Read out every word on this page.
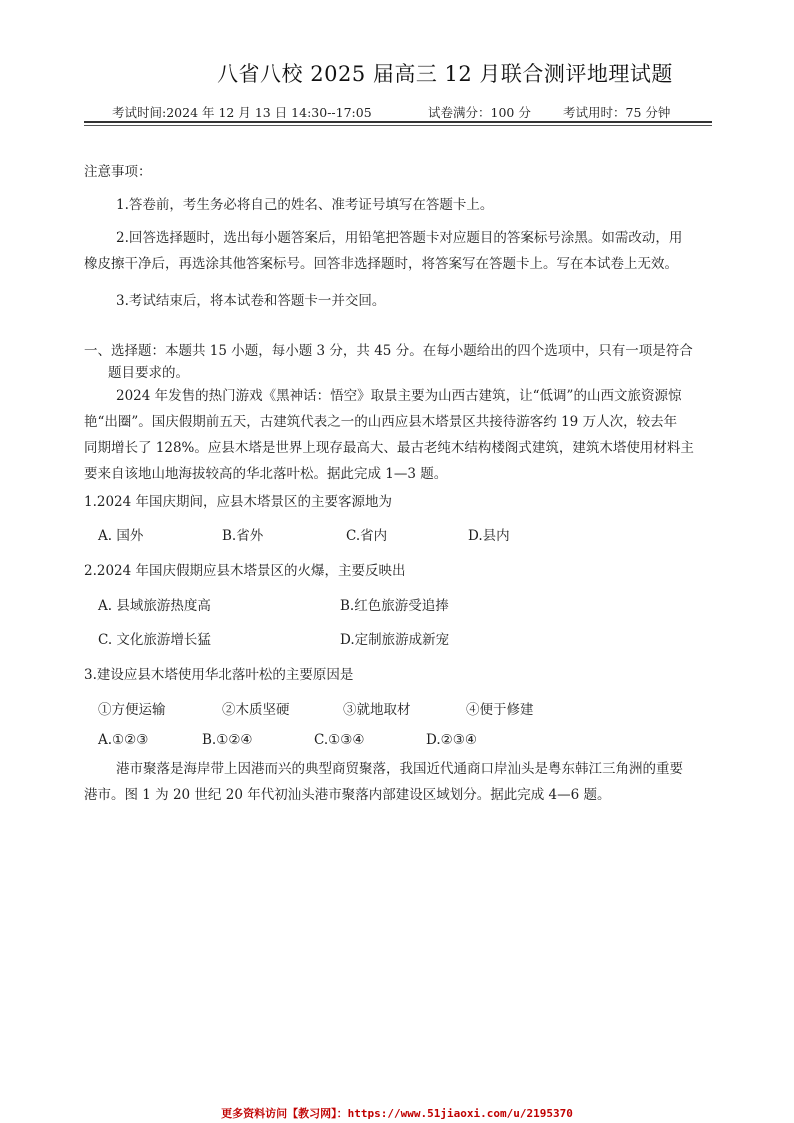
八省八校 2025 届高三 12 月联合测评地理试题
考试时间:2024 年 12 月 13 日 14:30--17:05	试卷满分：100 分	考试用时：75 分钟
注意事项：
1.答卷前，考生务必将自己的姓名、准考证号填写在答题卡上。
2.回答选择题时，选出每小题答案后，用铅笔把答题卡对应题目的答案标号涂黑。如需改动，用
橡皮擦干净后，再选涂其他答案标号。回答非选择题时，将答案写在答题卡上。写在本试卷上无效。
3.考试结束后，将本试卷和答题卡一并交回。
一、选择题：本题共 15 小题，每小题 3 分，共 45 分。在每小题给出的四个选项中，只有一项是符合
题目要求的。
2024 年发售的热门游戏《黑神话：悟空》取景主要为山西古建筑，让“低调”的山西文旅资源惊
艳“出圈”。国庆假期前五天，古建筑代表之一的山西应县木塔景区共接待游客约 19 万人次，较去年
同期增长了 128%。应县木塔是世界上现存最高大、最古老纯木结构楼阁式建筑，建筑木塔使用材料主
要来自该地山地海拔较高的华北落叶松。据此完成 1—3 题。
1.2024 年国庆期间，应县木塔景区的主要客源地为
A. 国外	B.省外	C.省内	D.县内
2.2024 年国庆假期应县木塔景区的火爆，主要反映出
A. 县域旅游热度高	B.红色旅游受追捧
C. 文化旅游增长猛	D.定制旅游成新宠
3.建设应县木塔使用华北落叶松的主要原因是
①方便运输	②木质坚硬	③就地取材	④便于修建
A.①②③	B.①②④	C.①③④	D.②③④
港市聚落是海岸带上因港而兴的典型商贸聚落，我国近代通商口岸汕头是粤东韩江三角洲的重要
港市。图 1 为 20 世纪 20 年代初汕头港市聚落内部建设区域划分。据此完成 4—6 题。
更多资料访问【教习网】：https://www.51jiaoxi.com/u/2195370
